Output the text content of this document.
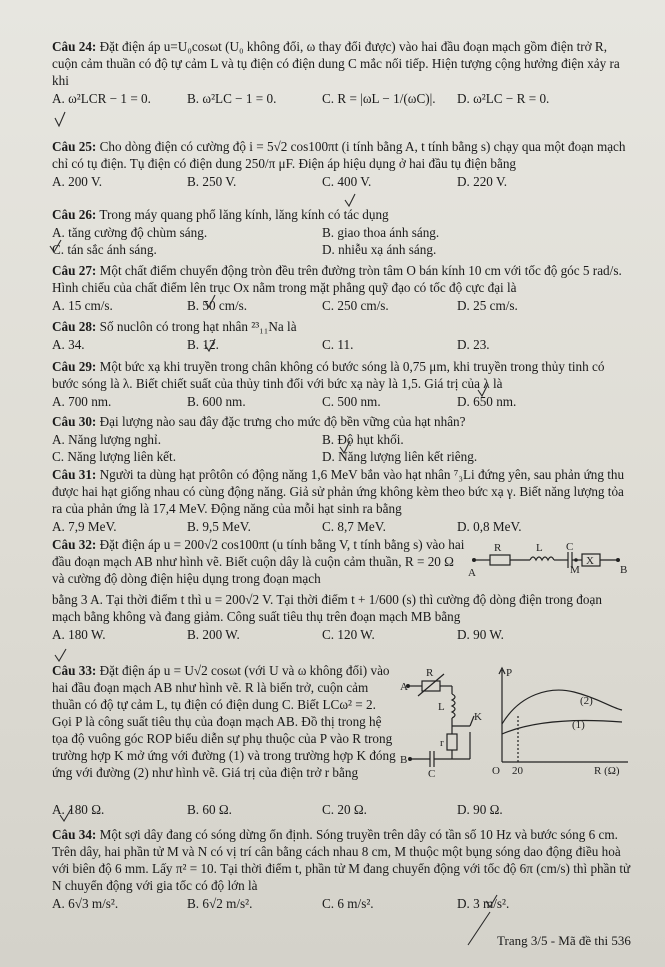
Câu 24: Đặt điện áp u=U₀cosωt (U₀ không đổi, ω thay đổi được) vào hai đầu đoạn mạch gồm điện trở R, cuộn cảm thuần có độ tự cảm L và tụ điện có điện dung C mắc nối tiếp. Hiện tượng cộng hưởng điện xảy ra khi

A. ω²LCR − 1 = 0.	B. ω²LC − 1 = 0.	C. R = |ωL − 1/(ωC)|.	D. ω²LC − R = 0.

Câu 25: Cho dòng điện có cường độ i = 5√2 cos100πt (i tính bằng A, t tính bằng s) chạy qua một đoạn mạch chỉ có tụ điện. Tụ điện có điện dung 250/π μF. Điện áp hiệu dụng ở hai đầu tụ điện bằng

A. 200 V.	B. 250 V.	C. 400 V.	D. 220 V.

Câu 26: Trong máy quang phổ lăng kính, lăng kính có tác dụng

A. tăng cường độ chùm sáng.	B. giao thoa ánh sáng.
C. tán sắc ánh sáng.	D. nhiễu xạ ánh sáng.

Câu 27: Một chất điểm chuyển động tròn đều trên đường tròn tâm O bán kính 10 cm với tốc độ góc 5 rad/s. Hình chiếu của chất điểm lên trục Ox nằm trong mặt phẳng quỹ đạo có tốc độ cực đại là

A. 15 cm/s.	B. 50 cm/s.	C. 250 cm/s.	D. 25 cm/s.

Câu 28: Số nuclôn có trong hạt nhân ²³₁₁Na là

A. 34.	B. 12.	C. 11.	D. 23.

Câu 29: Một bức xạ khi truyền trong chân không có bước sóng là 0,75 μm, khi truyền trong thủy tinh có bước sóng là λ. Biết chiết suất của thủy tinh đối với bức xạ này là 1,5. Giá trị của λ là

A. 700 nm.	B. 600 nm.	C. 500 nm.	D. 650 nm.

Câu 30: Đại lượng nào sau đây đặc trưng cho mức độ bền vững của hạt nhân?

A. Năng lượng nghỉ.	B. Độ hụt khối.
C. Năng lượng liên kết.	D. Năng lượng liên kết riêng.

Câu 31: Người ta dùng hạt prôtôn có động năng 1,6 MeV bắn vào hạt nhân ⁷₃Li đứng yên, sau phản ứng thu được hai hạt giống nhau có cùng động năng. Giả sử phản ứng không kèm theo bức xạ γ. Biết năng lượng tỏa ra của phản ứng là 17,4 MeV. Động năng của mỗi hạt sinh ra bằng

A. 7,9 MeV.	B. 9,5 MeV.	C. 8,7 MeV.	D. 0,8 MeV.

Câu 32: Đặt điện áp u = 200√2 cos100πt (u tính bằng V, t tính bằng s) vào hai đầu đoạn mạch AB như hình vẽ. Biết cuộn dây là cuộn cảm thuần, R = 20 Ω và cường độ dòng điện hiệu dụng trong đoạn mạch

bằng 3 A. Tại thời điểm t thì u = 200√2 V. Tại thời điểm t + 1/600 (s) thì cường độ dòng điện trong đoạn mạch bằng không và đang giảm. Công suất tiêu thụ trên đoạn mạch MB bằng

A. 180 W.	B. 200 W.	C. 120 W.	D. 90 W.
R	L C
A	M
X
B

Câu 33: Đặt điện áp u = U√2 cosωt (với U và ω không đổi) vào hai đầu đoạn mạch AB như hình vẽ. R là biến trở, cuộn cảm thuần có độ tự cảm L, tụ điện có điện dung C. Biết LCω² = 2. Gọi P là công suất tiêu thụ của đoạn mạch AB. Đồ thị trong hệ tọa độ vuông góc ROP biểu diễn sự phụ thuộc của P vào R trong trường hợp K mở ứng với đường (1) và trong trường hợp K đóng ứng với đường (2) như hình vẽ. Giá trị của điện trở r bằng

A. 180 Ω.	B. 60 Ω.	C. 20 Ω.	D. 90 Ω.
R
A
L
K
r
B
C
P
O 20	R (Ω)
(2)
(1)

Câu 34: Một sợi dây đang có sóng dừng ổn định. Sóng truyền trên dây có tần số 10 Hz và bước sóng 6 cm. Trên dây, hai phần tử M và N có vị trí cân bằng cách nhau 8 cm, M thuộc một bụng sóng dao động điều hoà với biên độ 6 mm. Lấy π² = 10. Tại thời điểm t, phần tử M đang chuyển động với tốc độ 6π (cm/s) thì phần tử N chuyển động với gia tốc có độ lớn là

A. 6√3 m/s².	B. 6√2 m/s².	C. 6 m/s².	D. 3 m/s².
Trang 3/5 - Mã đề thi 536
